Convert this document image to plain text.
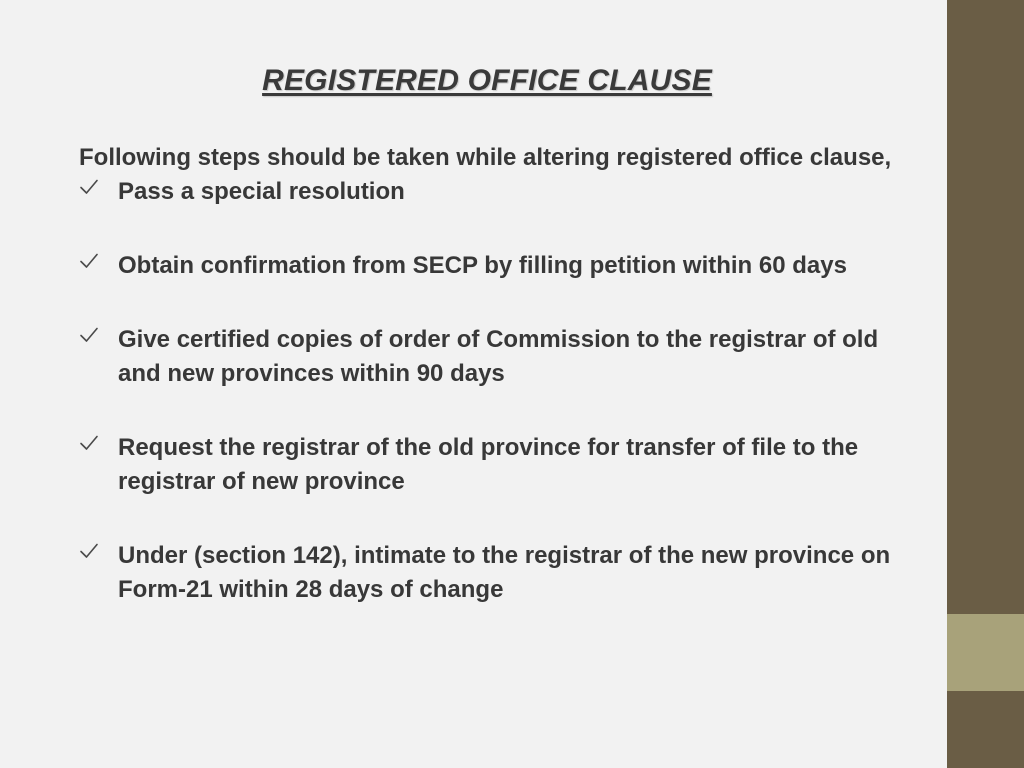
REGISTERED OFFICE CLAUSE

Following steps should be taken while altering registered office clause,

Pass a special resolution
Obtain confirmation from SECP by filling petition within 60 days
Give certified copies of order of Commission to the registrar of old and new provinces within 90 days
Request the registrar of the old province for transfer of file to the registrar of new province
Under (section 142), intimate to the registrar of the new province on Form-21 within 28 days of change
